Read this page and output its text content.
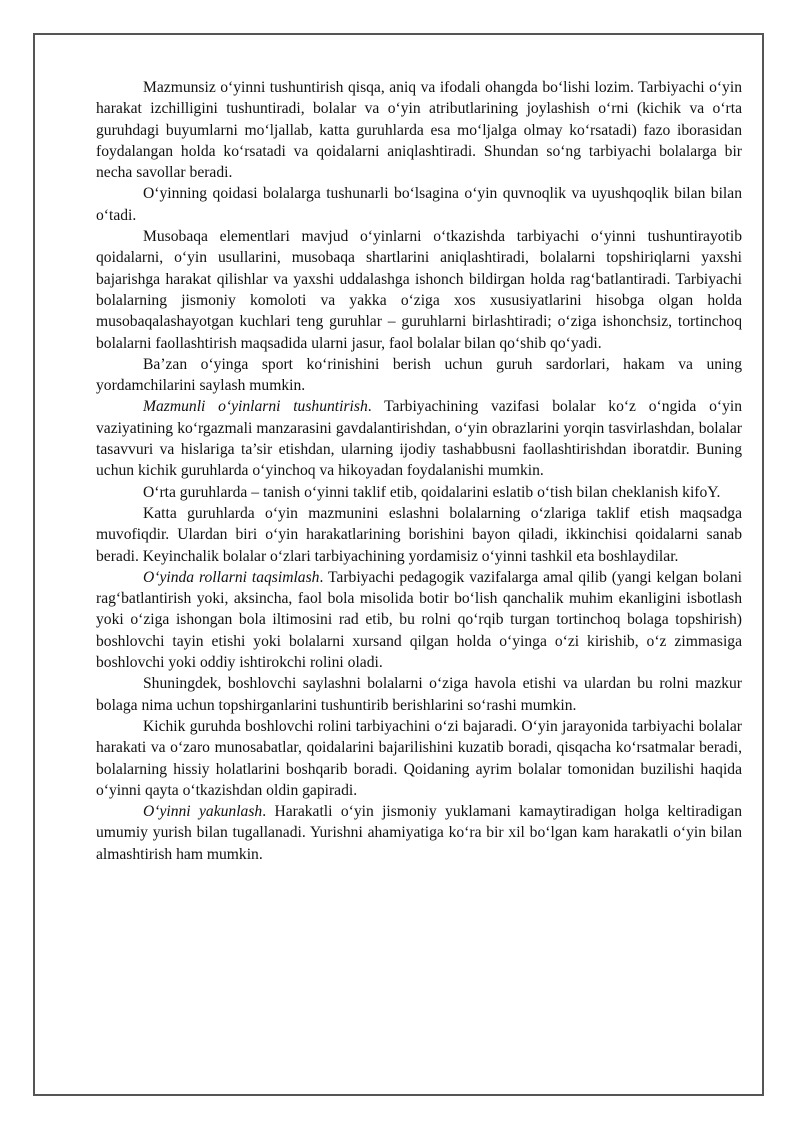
Mazmunsiz o‘yinni tushuntirish qisqa, aniq va ifodali ohangda bo‘lishi lozim. Tarbiyachi o‘yin harakat izchilligini tushuntiradi, bolalar va o‘yin atributlarining joylashish o‘rni (kichik va o‘rta guruhdagi buyumlarni mo‘ljallab, katta guruhlarda esa mo‘ljalga olmay ko‘rsatadi) fazo iborasidan foydalangan holda ko‘rsatadi va qoidalarni aniqlashtiradi. Shundan so‘ng tarbiyachi bolalarga bir necha savollar beradi.

O‘yinning qoidasi bolalarga tushunarli bo‘lsagina o‘yin quvnoqlik va uyushqoqlik bilan bilan o‘tadi.

Musobaqa elementlari mavjud o‘yinlarni o‘tkazishda tarbiyachi o‘yinni tushuntirayotib qoidalarni, o‘yin usullarini, musobaqa shartlarini aniqlashtiradi, bolalarni topshiriqlarni yaxshi bajarishga harakat qilishlar va yaxshi uddalashga ishonch bildirgan holda rag‘batlantiradi. Tarbiyachi bolalarning jismoniy komoloti va yakka o‘ziga xos xususiyatlarini hisobga olgan holda musobaqalashayotgan kuchlari teng guruhlar – guruhlarni birlashtiradi; o‘ziga ishonchsiz, tortinchoq bolalarni faollashtirish maqsadida ularni jasur, faol bolalar bilan qo‘shib qo‘yadi.

Ba’zan o‘yinga sport ko‘rinishini berish uchun guruh sardorlari, hakam va uning yordamchilarini saylash mumkin.

Mazmunli o‘yinlarni tushuntirish. Tarbiyachining vazifasi bolalar ko‘z o‘ngida o‘yin vaziyatining ko‘rgazmali manzarasini gavdalantirishdan, o‘yin obrazlarini yorqin tasvirlashdan, bolalar tasavvuri va hislariga ta’sir etishdan, ularning ijodiy tashabbusni faollashtirishdan iboratdir. Buning uchun kichik guruhlarda o‘yinchoq va hikoyadan foydalanishi mumkin.

O‘rta guruhlarda – tanish o‘yinni taklif etib, qoidalarini eslatib o‘tish bilan cheklanish kifoY.

Katta guruhlarda o‘yin mazmunini eslashni bolalarning o‘zlariga taklif etish maqsadga muvofiqdir. Ulardan biri o‘yin harakatlarining borishini bayon qiladi, ikkinchisi qoidalarni sanab beradi. Keyinchalik bolalar o‘zlari tarbiyachining yordamisiz o‘yinni tashkil eta boshlaydilar.

O‘yinda rollarni taqsimlash. Tarbiyachi pedagogik vazifalarga amal qilib (yangi kelgan bolani rag‘batlantirish yoki, aksincha, faol bola misolida botir bo‘lish qanchalik muhim ekanligini isbotlash yoki o‘ziga ishongan bola iltimosini rad etib, bu rolni qo‘rqib turgan tortinchoq bolaga topshirish) boshlovchi tayin etishi yoki bolalarni xursand qilgan holda o‘yinga o‘zi kirishib, o‘z zimmasiga boshlovchi yoki oddiy ishtirokchi rolini oladi.

Shuningdek, boshlovchi saylashni bolalarni o‘ziga havola etishi va ulardan bu rolni mazkur bolaga nima uchun topshirganlarini tushuntirib berishlarini so‘rashi mumkin.

Kichik guruhda boshlovchi rolini tarbiyachini o‘zi bajaradi. O‘yin jarayonida tarbiyachi bolalar harakati va o‘zaro munosabatlar, qoidalarini bajarilishini kuzatib boradi, qisqacha ko‘rsatmalar beradi, bolalarning hissiy holatlarini boshqarib boradi. Qoidaning ayrim bolalar tomonidan buzilishi haqida o‘yinni qayta o‘tkazishdan oldin gapiradi.

O‘yinni yakunlash. Harakatli o‘yin jismoniy yuklamani kamaytiradigan holga keltiradigan umumiy yurish bilan tugallanadi. Yurishni ahamiyatiga ko‘ra bir xil bo‘lgan kam harakatli o‘yin bilan almashtirish ham mumkin.
